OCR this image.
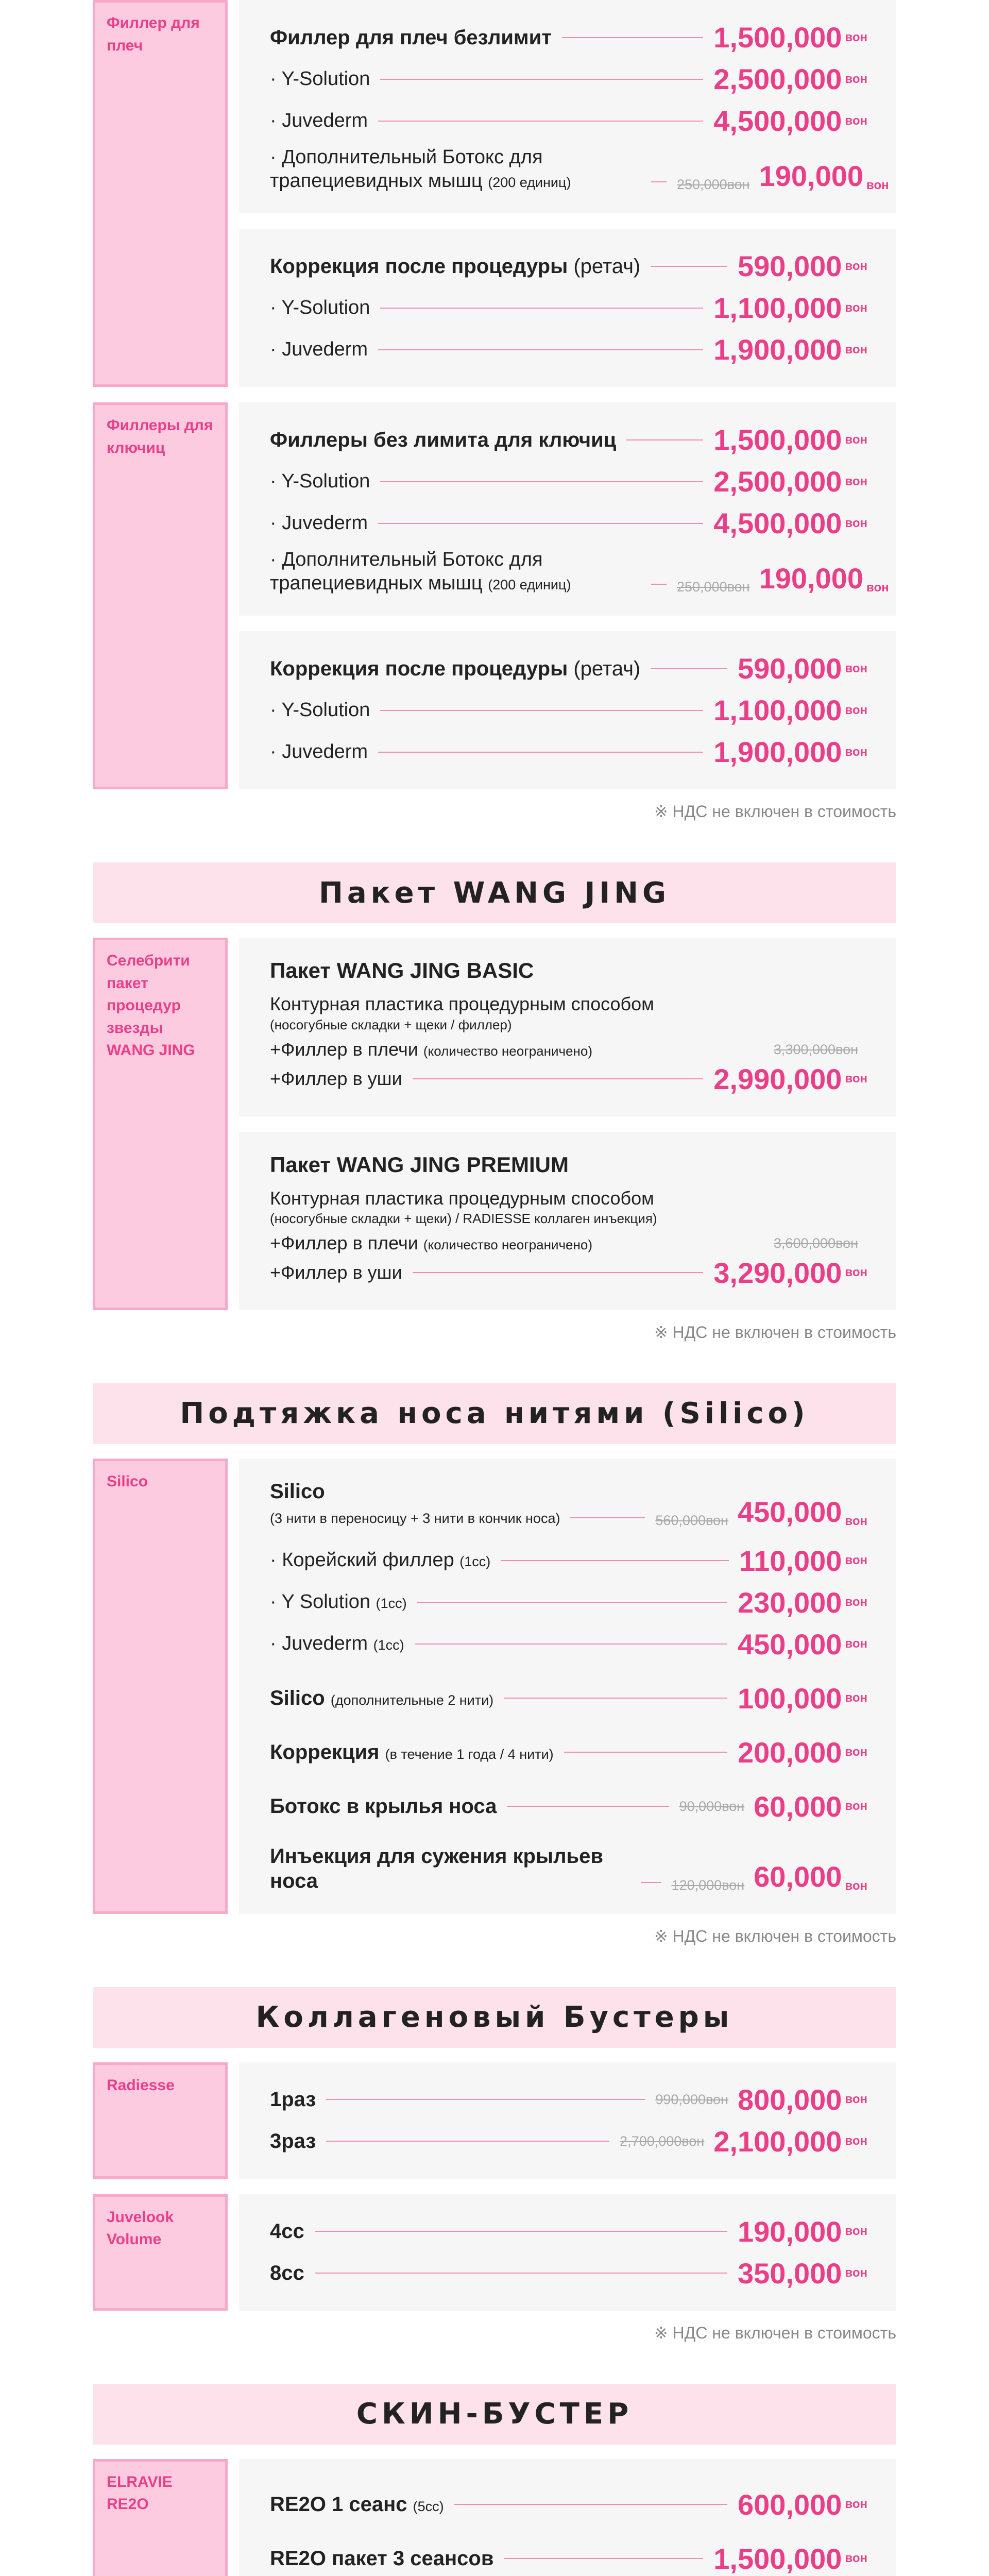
Филлер для плеч	Филлер для плеч безлимит	1,500,000 вон
· Y-Solution	2,500,000 вон
· Juvederm	4,500,000 вон
· Дополнительный Ботокс для трапециевидных мышц (200 единиц)	250,000вон 190,000 вон
Коррекция после процедуры (ретач)	590,000 вон
· Y-Solution	1,100,000 вон
· Juvederm	1,900,000 вон
Филлеры для ключиц	Филлеры без лимита для ключиц	1,500,000 вон
· Y-Solution	2,500,000 вон
· Juvederm	4,500,000 вон
· Дополнительный Ботокс для трапециевидных мышц (200 единиц)	250,000вон 190,000 вон
Коррекция после процедуры (ретач)	590,000 вон
· Y-Solution	1,100,000 вон
· Juvederm	1,900,000 вон
※ НДС не включен в стоимость
Пакет WANG JING
Селебрити пакет процедур звезды WANG JING
Пакет WANG JING BASIC
Контурная пластика процедурным способом
(носогубные складки + щеки / филлер)
+Филлер в плечи (количество неограничено)	3,300,000вон
+Филлер в уши	2,990,000 вон
Пакет WANG JING PREMIUM
Контурная пластика процедурным способом
(носогубные складки + щеки) / RADIESSE коллаген инъекция)
+Филлер в плечи (количество неограничено)	3,600,000вон
+Филлер в уши	3,290,000 вон
※ НДС не включен в стоимость
Подтяжка носа нитями (Silico)
Silico	Silico
(3 нити в переносицу + 3 нити в кончик носа)	560,000вон 450,000 вон
· Корейский филлер (1cc)	110,000 вон
· Y Solution (1cc)	230,000 вон
· Juvederm (1cc)	450,000 вон
Silico (дополнительные 2 нити)	100,000 вон
Коррекция (в течение 1 года / 4 нити)	200,000 вон
Ботокс в крылья носа	90,000вон 60,000 вон
Инъекция для сужения крыльев носа	120,000вон 60,000 вон
※ НДС не включен в стоимость
Коллагеновый Бустеры
Radiesse
1раз	990,000вон 800,000 вон
3раз	2,700,000вон 2,100,000 вон
Juvelook Volume	4cc	190,000 вон
8cc	350,000 вон
※ НДС не включен в стоимость
СКИН-БУСТЕР
ELRAVIE RE2O	RE2O 1 сеанс (5cc)	600,000 вон
RE2O пакет 3 сеансов	1,500,000 вон
